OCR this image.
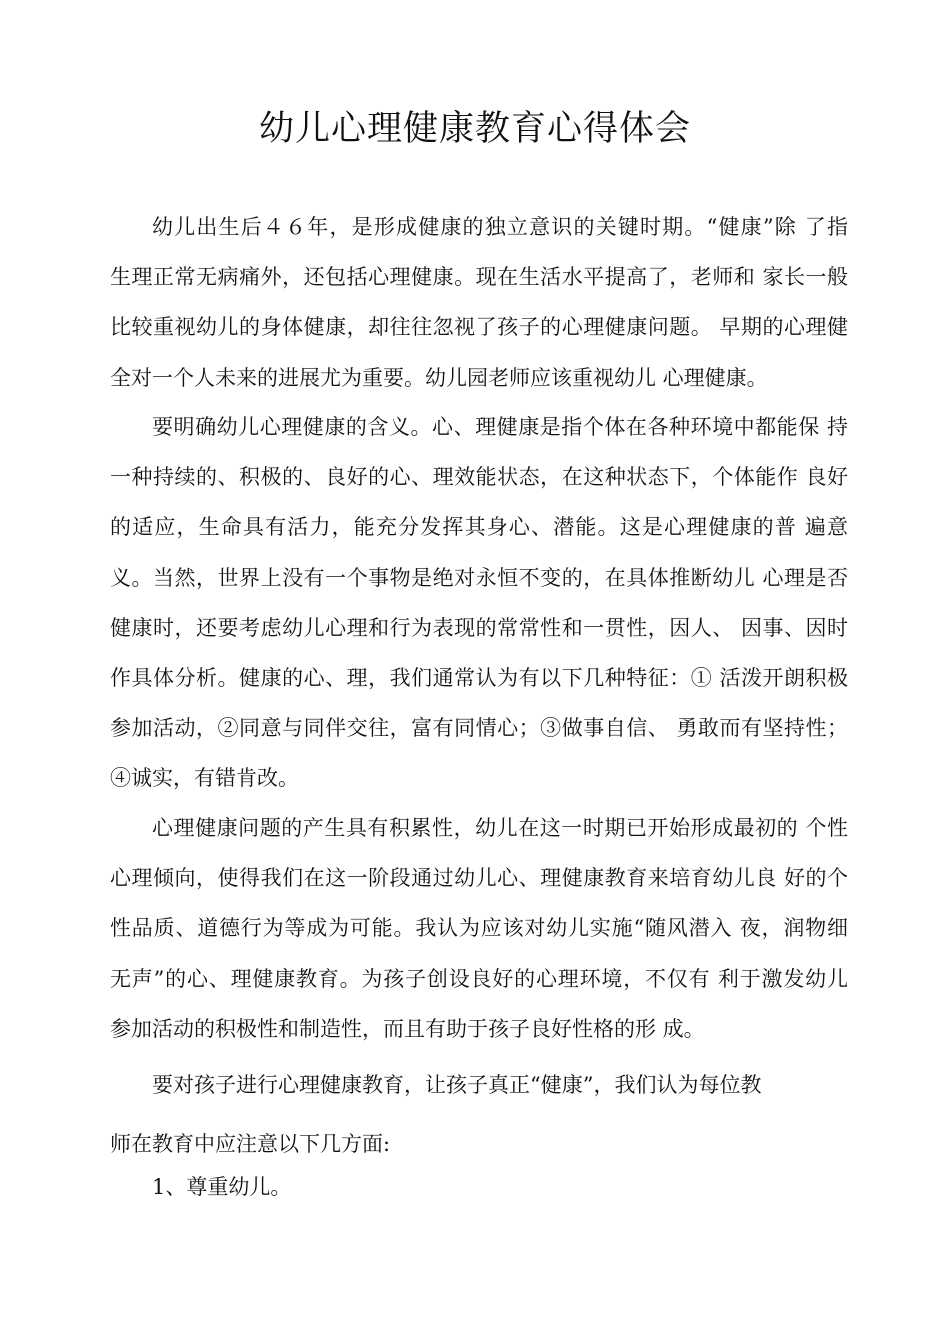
幼儿心理健康教育心得体会
幼儿出生后４６年，是形成健康的独立意识的关键时期。“健康”除 了指
生理正常无病痛外，还包括心理健康。现在生活水平提高了，老师和 家长一般
比较重视幼儿的身体健康，却往往忽视了孩子的心理健康问题。 早期的心理健
全对一个人未来的进展尤为重要。幼儿园老师应该重视幼儿 心理健康。
要明确幼儿心理健康的含义。心、理健康是指个体在各种环境中都能保 持
一种持续的、积极的、良好的心、理效能状态，在这种状态下，个体能作 良好
的适应，生命具有活力，能充分发挥其身心、潜能。这是心理健康的普 遍意
义。当然，世界上没有一个事物是绝对永恒不变的，在具体推断幼儿 心理是否
健康时，还要考虑幼儿心理和行为表现的常常性和一贯性，因人、 因事、因时
作具体分析。健康的心、理，我们通常认为有以下几种特征：① 活泼开朗积极
参加活动，②同意与同伴交往，富有同情心；③做事自信、 勇敢而有坚持性；
④诚实，有错肯改。
心理健康问题的产生具有积累性，幼儿在这一时期已开始形成最初的 个性
心理倾向，使得我们在这一阶段通过幼儿心、理健康教育来培育幼儿良 好的个
性品质、道德行为等成为可能。我认为应该对幼儿实施“随风潜入 夜，润物细
无声”的心、理健康教育。为孩子创设良好的心理环境，不仅有 利于激发幼儿
参加活动的积极性和制造性，而且有助于孩子良好性格的形 成。
要对孩子进行心理健康教育，让孩子真正“健康”，我们认为每位教
师在教育中应注意以下几方面:
1、尊重幼儿。
